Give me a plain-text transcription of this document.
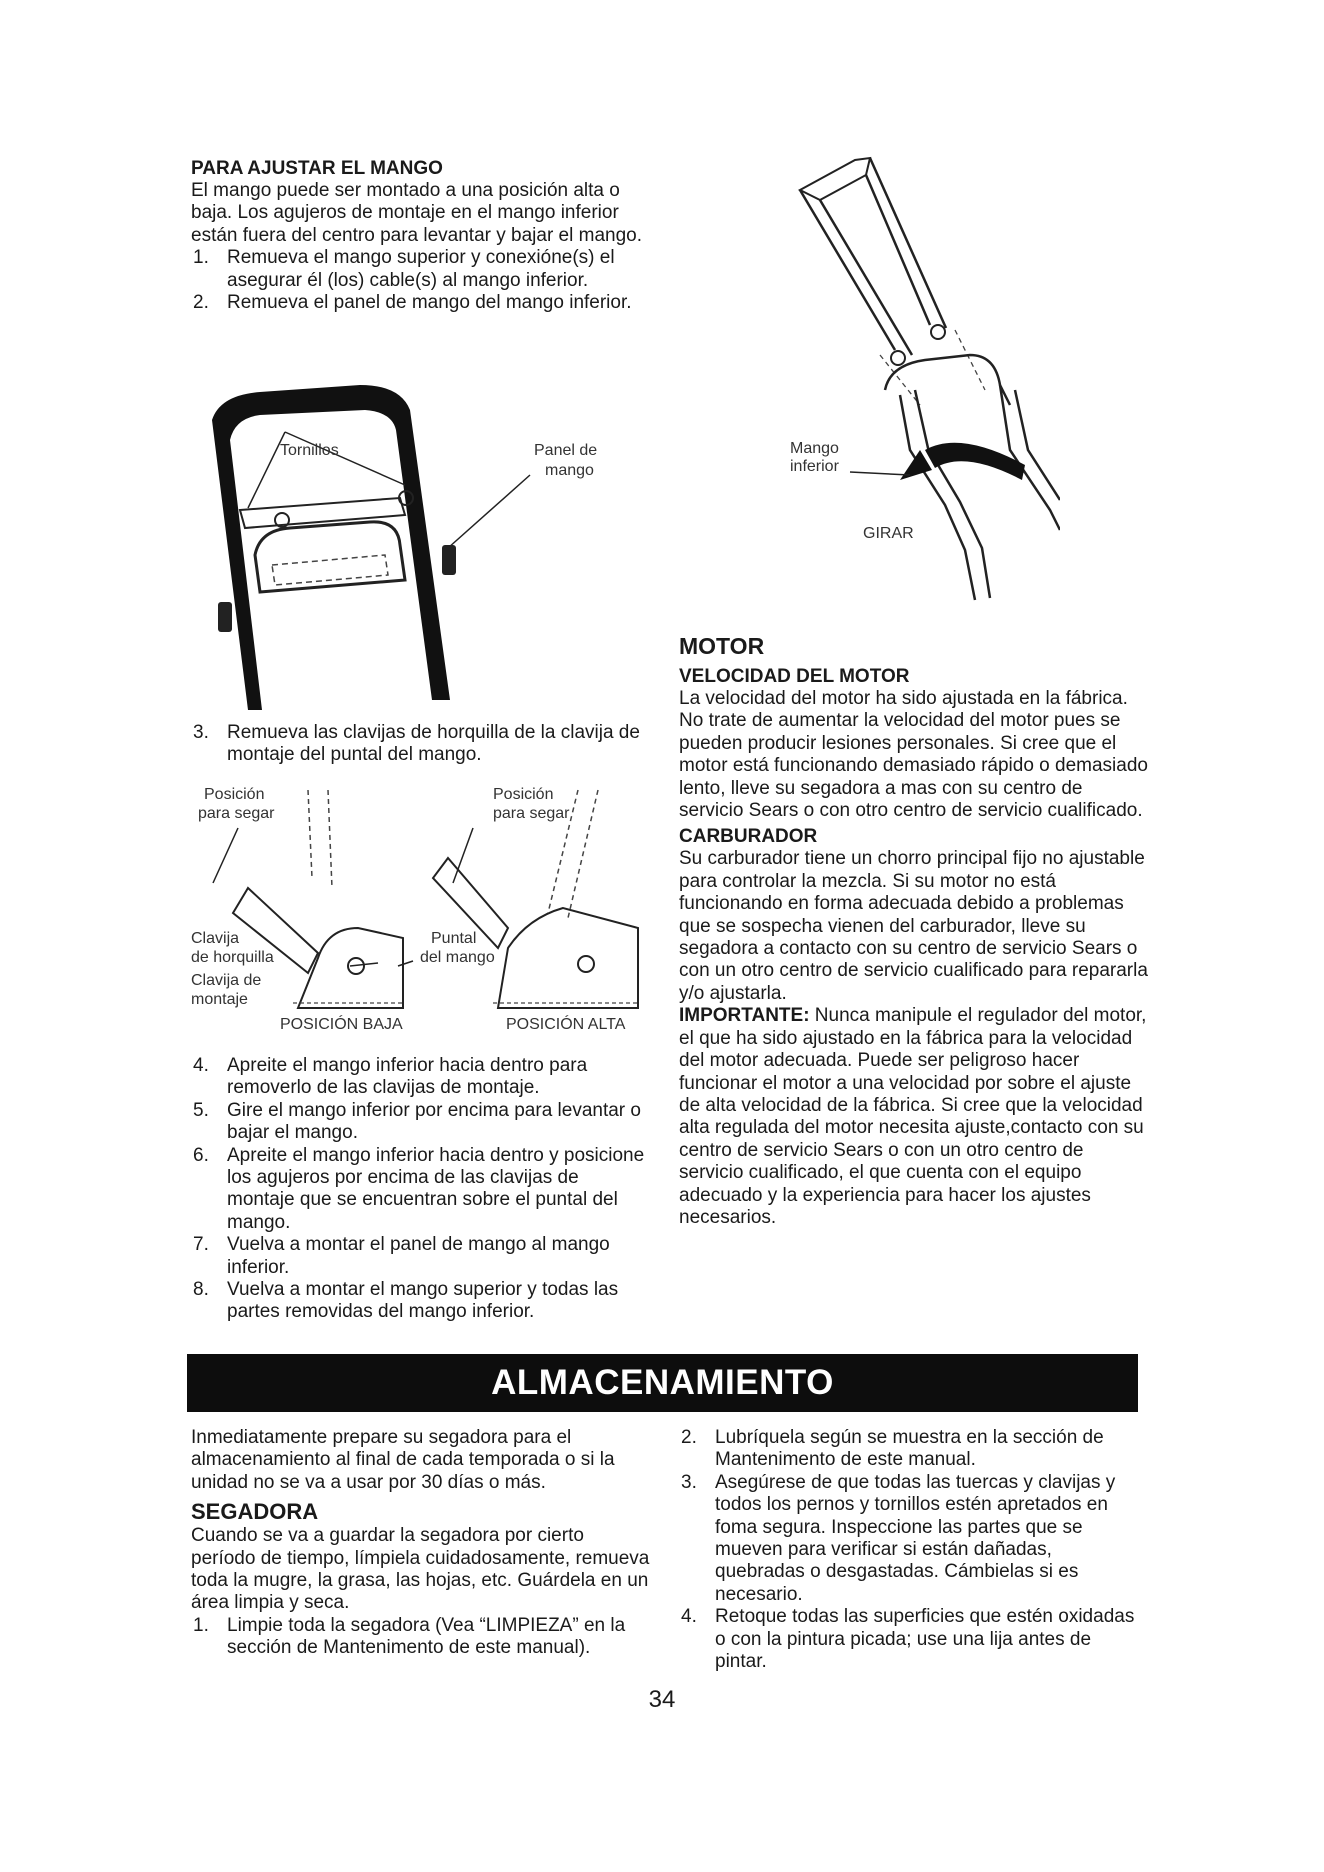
PARA AJUSTAR EL MANGO

El mango puede ser montado a una posición alta o baja. Los agujeros de montaje en el mango inferior están fuera del centro para levantar y bajar el mango.

1. Remueva el mango superior y conexióne(s) el asegurar él (los) cable(s) al mango inferior.
2. Remueva el panel de mango del mango inferior.
Tornillos	Panel de
mango
3. Remueva las clavijas de horquilla de la clavija de montaje del puntal del mango.
Posición
para segar
Posición
para segar
Clavija
de horquilla
Clavija de
montaje
Puntal
del mango
POSICIÓN BAJA	POSICIÓN ALTA
4. Apreite el mango inferior hacia dentro para removerlo de las clavijas de montaje.
5. Gire el mango inferior por encima para levantar o bajar el mango.
6. Apreite el mango inferior hacia dentro y posicione los agujeros por encima de las clavijas de montaje que se encuentran sobre el puntal del mango.
7. Vuelva a montar el panel de mango al mango inferior.
8. Vuelva a montar el mango superior y todas las partes removidas del mango inferior.
Mango
inferior
GIRAR
MOTOR
VELOCIDAD DEL MOTOR

La velocidad del motor ha sido ajustada en la fábrica. No trate de aumentar la velocidad del motor pues se pueden producir lesiones personales. Si cree que el motor está funcionando demasiado rápido o demasiado lento, lleve su segadora a mas con su centro de servicio Sears o con otro centro de servicio cualificado.

CARBURADOR

Su carburador tiene un chorro principal fijo no ajustable para controlar la mezcla. Si su motor no está funcionando en forma adecuada debido a problemas que se sospecha vienen del carburador, lleve su segadora a contacto con su centro de servicio Sears o con un otro centro de servicio cualificado para repararla y/o ajustarla.

IMPORTANTE: Nunca manipule el regulador del motor, el que ha sido ajustado en la fábrica para la velocidad del motor adecuada. Puede ser peligroso hacer funcionar el motor a una velocidad por sobre el ajuste de alta velocidad de la fábrica. Si cree que la velocidad alta regulada del motor necesita ajuste,contacto con su centro de servicio Sears o con un otro centro de servicio cualificado, el que cuenta con el equipo adecuado y la experiencia para hacer los ajustes necesarios.

ALMACENAMIENTO

Inmediatamente prepare su segadora para el almacenamiento al final de cada temporada o si la unidad no se va a usar por 30 días o más.

SEGADORA

Cuando se va a guardar la segadora por cierto período de tiempo, límpiela cuidadosamente, remueva toda la mugre, la grasa, las hojas, etc. Guárdela en un área limpia y seca.

1. Limpie toda la segadora (Vea “LIMPIEZA” en la sección de Mantenimento de este manual).
2. Lubríquela según se muestra en la sección de Mantenimento de este manual.
3. Asegúrese de que todas las tuercas y clavijas y todos los pernos y tornillos estén apretados en foma segura. Inspeccione las partes que se mueven para verificar si están dañadas, quebradas o desgastadas. Cámbielas si es necesario.
4. Retoque todas las superficies que estén oxidadas o con la pintura picada; use una lija antes de pintar.
34
